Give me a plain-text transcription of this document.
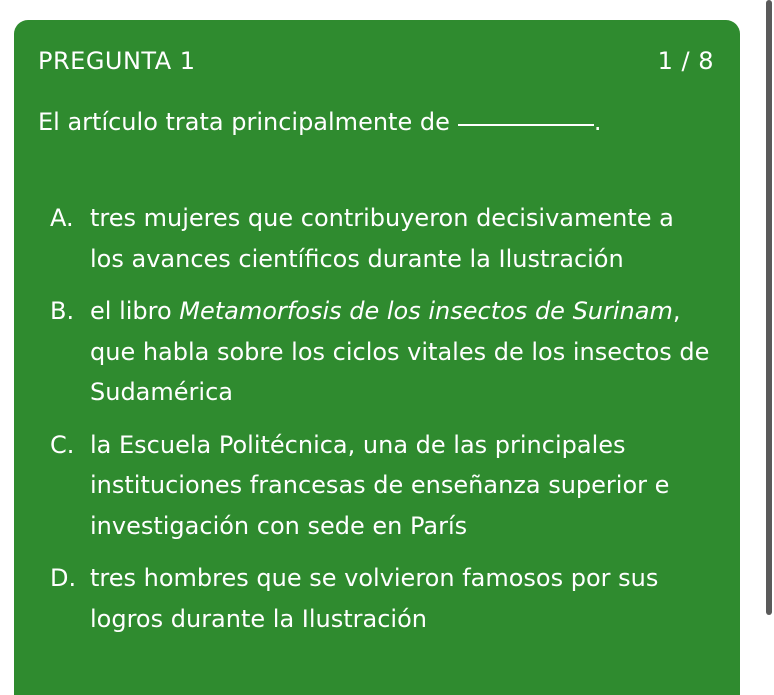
PREGUNTA 1	1 / 8
El artículo trata principalmente de	.
A. tres mujeres que contribuyeron decisivamente a los avances científicos durante la Ilustración
B. el libro Metamorfosis de los insectos de Surinam, que habla sobre los ciclos vitales de los insectos de Sudamérica
C. la Escuela Politécnica, una de las principales instituciones francesas de enseñanza superior e investigación con sede en París
D. tres hombres que se volvieron famosos por sus logros durante la Ilustración
